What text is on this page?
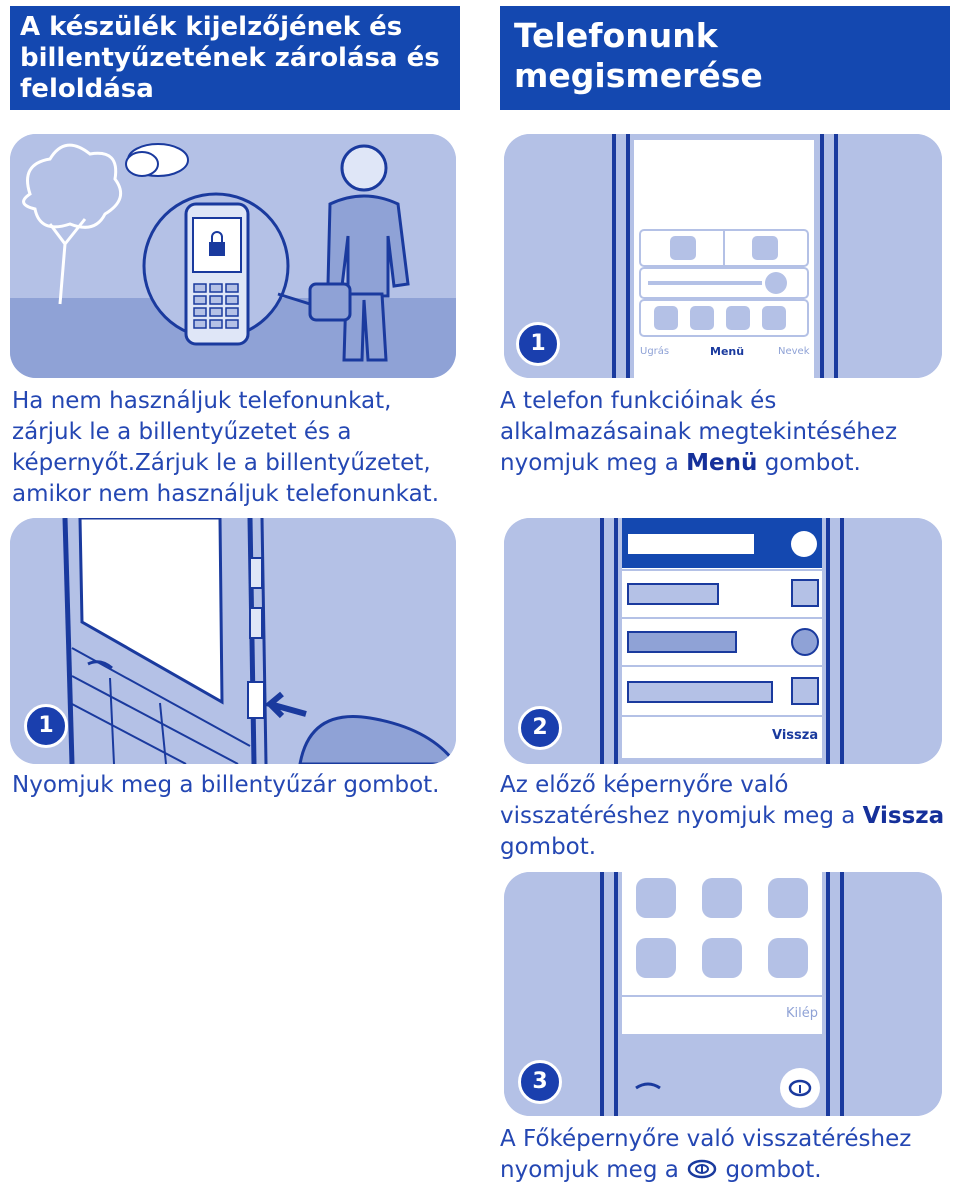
A készülék kijelzőjének és billentyűzetének zárolása és feloldása
Ha nem használjuk telefonunkat, zárjuk le a billentyűzetet és a képernyőt.Zárjuk le a billentyűzetet, amikor nem használjuk telefonunkat.
1
Nyomjuk meg a billentyűzár gombot.
Telefonunk megismerése
Ugrás	Menü	Nevek
1
A telefon funkcióinak és alkalmazásainak megtekintéséhez nyomjuk meg a Menü gombot.
Vissza
2
Az előző képernyőre való visszatéréshez nyomjuk meg a Vissza gombot.
Kilép
3
A Főképernyőre való visszatéréshez nyomjuk meg a  gombot.
